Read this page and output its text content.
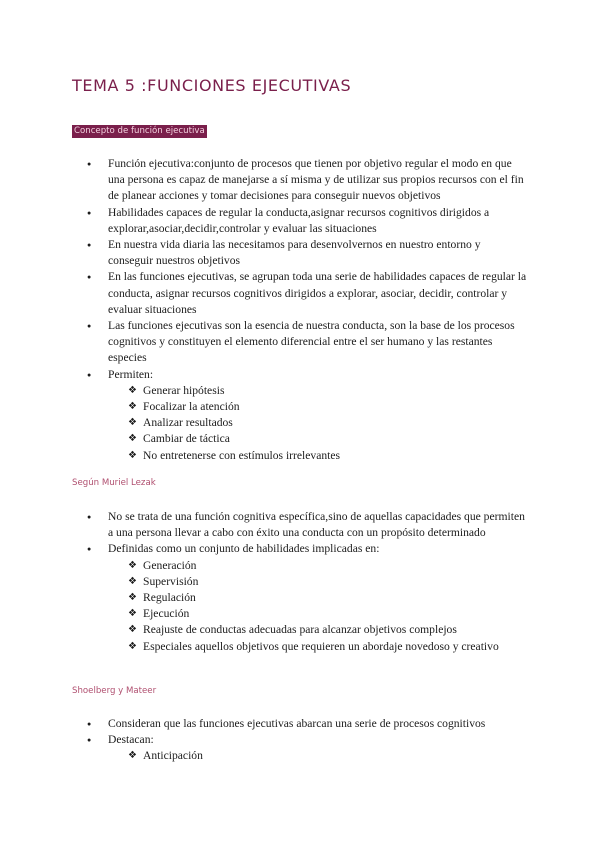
TEMA 5 :FUNCIONES EJECUTIVAS
Concepto de función ejecutiva
● Función ejecutiva:conjunto de procesos que tienen por objetivo regular el modo en que una persona es capaz de manejarse a sí misma y de utilizar sus propios recursos con el fin de planear acciones y tomar decisiones para conseguir nuevos objetivos
● Habilidades capaces de regular la conducta,asignar recursos cognitivos dirigidos a explorar,asociar,decidir,controlar y evaluar las situaciones
● En nuestra vida diaria las necesitamos para desenvolvernos en nuestro entorno y conseguir nuestros objetivos
● En las funciones ejecutivas, se agrupan toda una serie de habilidades capaces de regular la conducta, asignar recursos cognitivos dirigidos a explorar, asociar, decidir, controlar y evaluar situaciones
● Las funciones ejecutivas son la esencia de nuestra conducta, son la base de los procesos cognitivos y constituyen el elemento diferencial entre el ser humano y las restantes especies
● Permiten:
❖ Generar hipótesis
❖ Focalizar la atención
❖ Analizar resultados
❖ Cambiar de táctica
❖ No entretenerse con estímulos irrelevantes
Según Muriel Lezak
● No se trata de una función cognitiva específica,sino de aquellas capacidades que permiten a una persona llevar a cabo con éxito una conducta con un propósito determinado
● Definidas como un conjunto de habilidades implicadas en:
❖ Generación
❖ Supervisión
❖ Regulación
❖ Ejecución
❖ Reajuste de conductas adecuadas para alcanzar objetivos complejos
❖ Especiales aquellos objetivos que requieren un abordaje novedoso y creativo
Shoelberg y Mateer
● Consideran que las funciones ejecutivas abarcan una serie de procesos cognitivos
● Destacan:
❖ Anticipación
